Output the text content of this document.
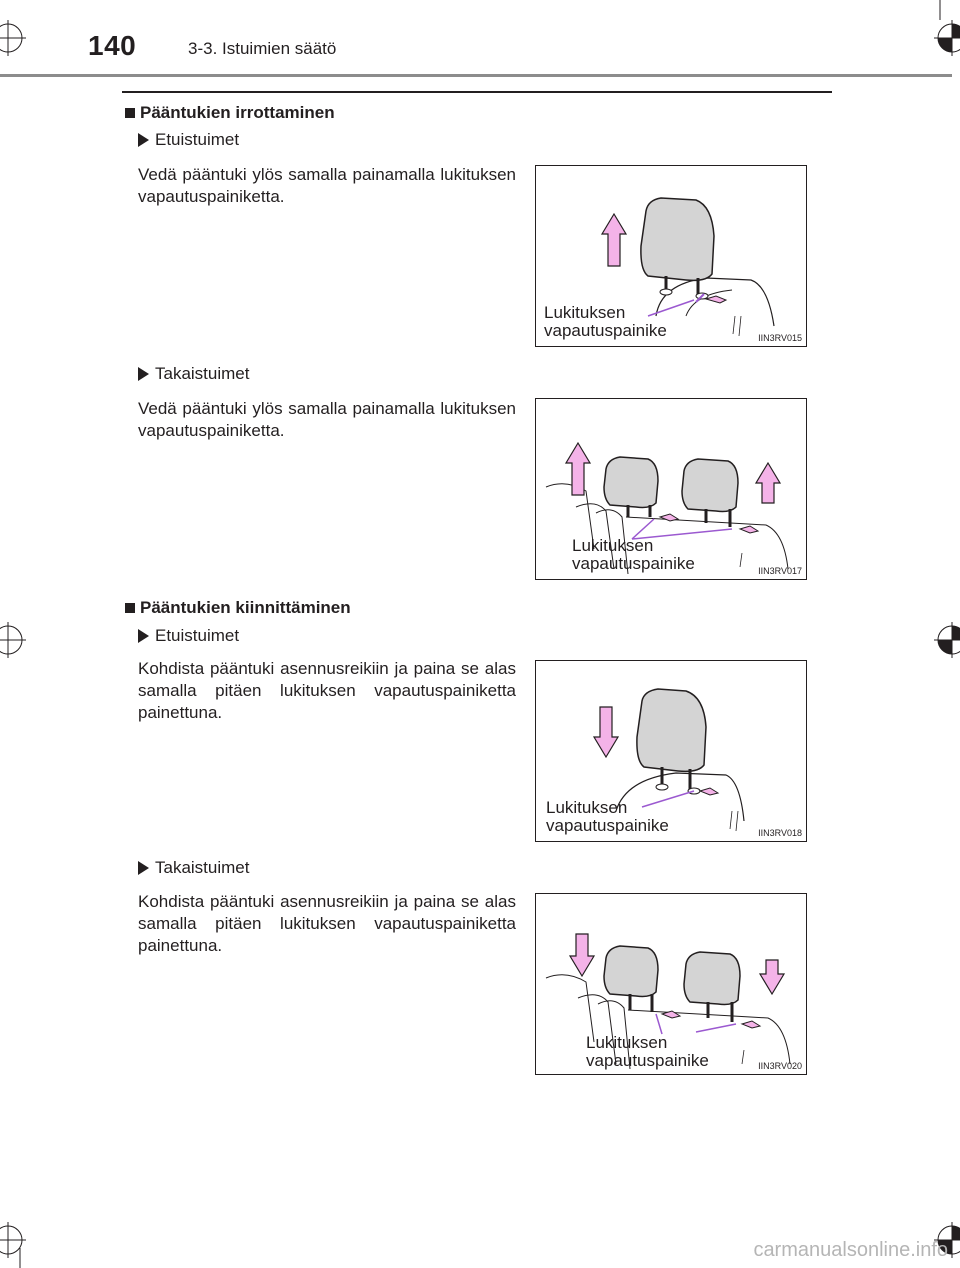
140	3-3. Istuimien säätö
Pääntukien irrottaminen
Etuistuimet
Vedä pääntuki ylös samalla painamalla lukituksen vapautuspainiketta.
Lukituksen
vapautuspainike	IIN3RV015
Takaistuimet
Vedä pääntuki ylös samalla painamalla lukituksen vapautuspainiketta.
Lukituksen
vapautuspainike	IIN3RV017
Pääntukien kiinnittäminen
Etuistuimet
Kohdista pääntuki asennusreikiin ja paina se alas samalla pitäen lukituksen vapautuspainiketta painettuna.
Lukituksen
vapautuspainike	IIN3RV018
Takaistuimet
Kohdista pääntuki asennusreikiin ja paina se alas samalla pitäen lukituksen vapautuspainiketta painettuna.
Lukituksen
vapautuspainike	IIN3RV020
carmanualsonline.info
